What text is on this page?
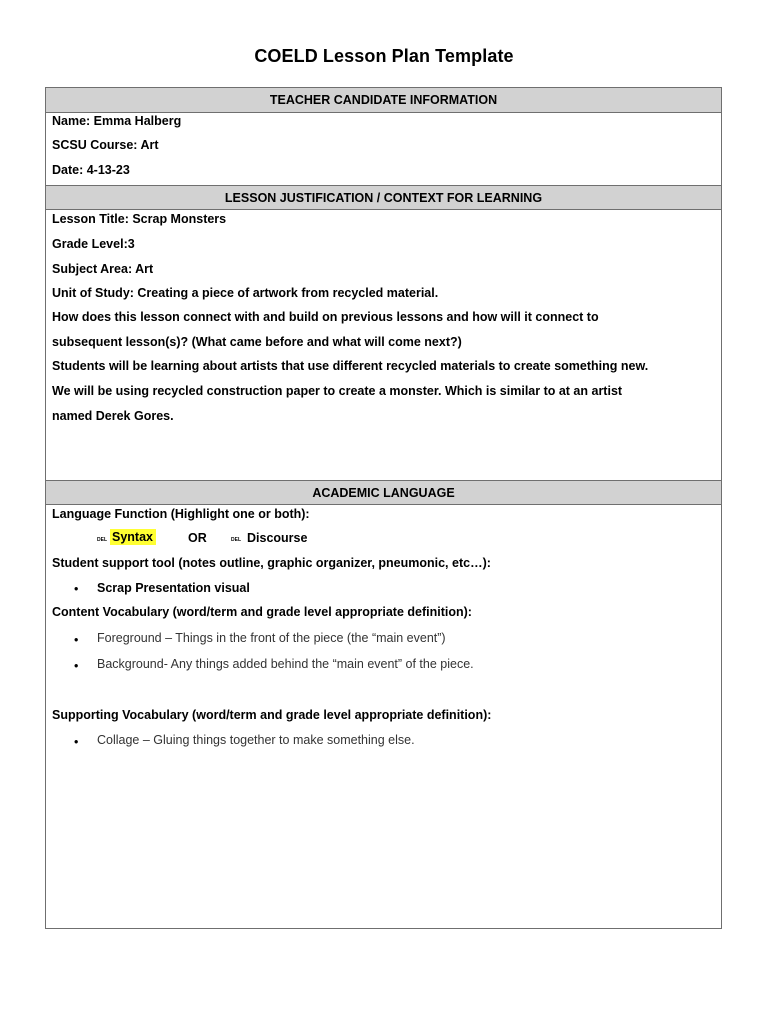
COELD Lesson Plan Template
TEACHER CANDIDATE INFORMATION
Name: Emma Halberg
SCSU Course: Art
Date: 4-13-23
LESSON JUSTIFICATION / CONTEXT FOR LEARNING
Lesson Title: Scrap Monsters
Grade Level:3
Subject Area: Art
Unit of Study: Creating a piece of artwork from recycled material.
How does this lesson connect with and build on previous lessons and how will it connect to
subsequent lesson(s)? (What came before and what will come next?)
Students will be learning about artists that use different recycled materials to create something new.
We will be using recycled construction paper to create a monster. Which is similar to at an artist
named Derek Gores.
ACADEMIC LANGUAGE
Language Function (Highlight one or both):
DEL Syntax	OR	DEL Discourse
Student support tool (notes outline, graphic organizer, pneumonic, etc…):
• Scrap Presentation visual
Content Vocabulary (word/term and grade level appropriate definition):
• Foreground – Things in the front of the piece (the “main event”)
• Background- Any things added behind the “main event” of the piece.
Supporting Vocabulary (word/term and grade level appropriate definition):
• Collage – Gluing things together to make something else.
